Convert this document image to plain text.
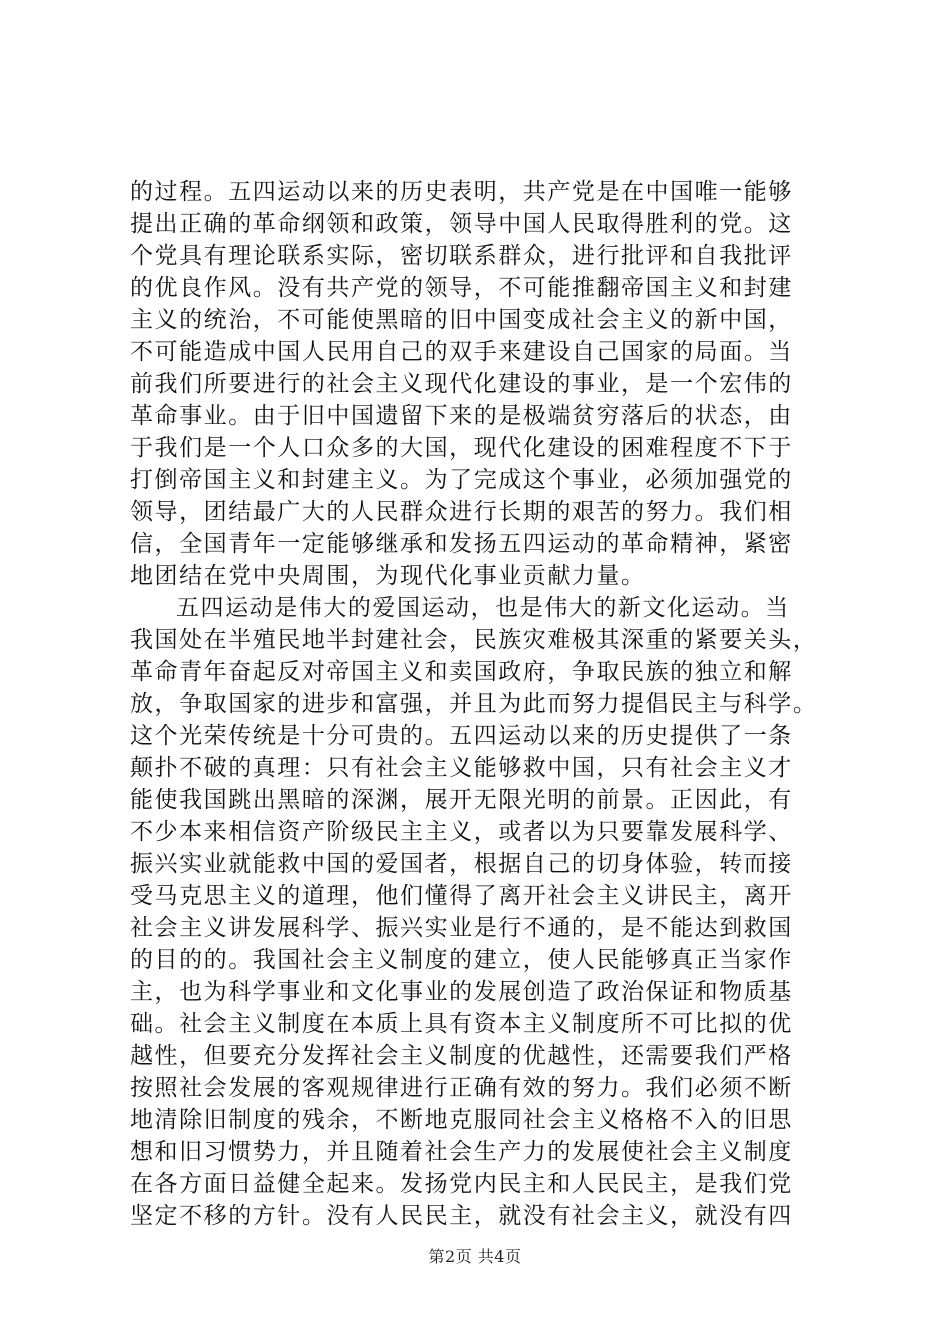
的过程。五四运动以来的历史表明，共产党是在中国唯一能够
提出正确的革命纲领和政策，领导中国人民取得胜利的党。这
个党具有理论联系实际，密切联系群众，进行批评和自我批评
的优良作风。没有共产党的领导，不可能推翻帝国主义和封建
主义的统治，不可能使黑暗的旧中国变成社会主义的新中国，
不可能造成中国人民用自己的双手来建设自己国家的局面。当
前我们所要进行的社会主义现代化建设的事业，是一个宏伟的
革命事业。由于旧中国遗留下来的是极端贫穷落后的状态，由
于我们是一个人口众多的大国，现代化建设的困难程度不下于
打倒帝国主义和封建主义。为了完成这个事业，必须加强党的
领导，团结最广大的人民群众进行长期的艰苦的努力。我们相
信，全国青年一定能够继承和发扬五四运动的革命精神，紧密
地团结在党中央周围，为现代化事业贡献力量。
五四运动是伟大的爱国运动，也是伟大的新文化运动。当
我国处在半殖民地半封建社会，民族灾难极其深重的紧要关头，
革命青年奋起反对帝国主义和卖国政府，争取民族的独立和解
放，争取国家的进步和富强，并且为此而努力提倡民主与科学。
这个光荣传统是十分可贵的。五四运动以来的历史提供了一条
颠扑不破的真理：只有社会主义能够救中国，只有社会主义才
能使我国跳出黑暗的深渊，展开无限光明的前景。正因此，有
不少本来相信资产阶级民主主义，或者以为只要靠发展科学、
振兴实业就能救中国的爱国者，根据自己的切身体验，转而接
受马克思主义的道理，他们懂得了离开社会主义讲民主，离开
社会主义讲发展科学、振兴实业是行不通的，是不能达到救国
的目的的。我国社会主义制度的建立，使人民能够真正当家作
主，也为科学事业和文化事业的发展创造了政治保证和物质基
础。社会主义制度在本质上具有资本主义制度所不可比拟的优
越性，但要充分发挥社会主义制度的优越性，还需要我们严格
按照社会发展的客观规律进行正确有效的努力。我们必须不断
地清除旧制度的残余，不断地克服同社会主义格格不入的旧思
想和旧习惯势力，并且随着社会生产力的发展使社会主义制度
在各方面日益健全起来。发扬党内民主和人民民主，是我们党
坚定不移的方针。没有人民民主，就没有社会主义，就没有四
第2页 共4页
